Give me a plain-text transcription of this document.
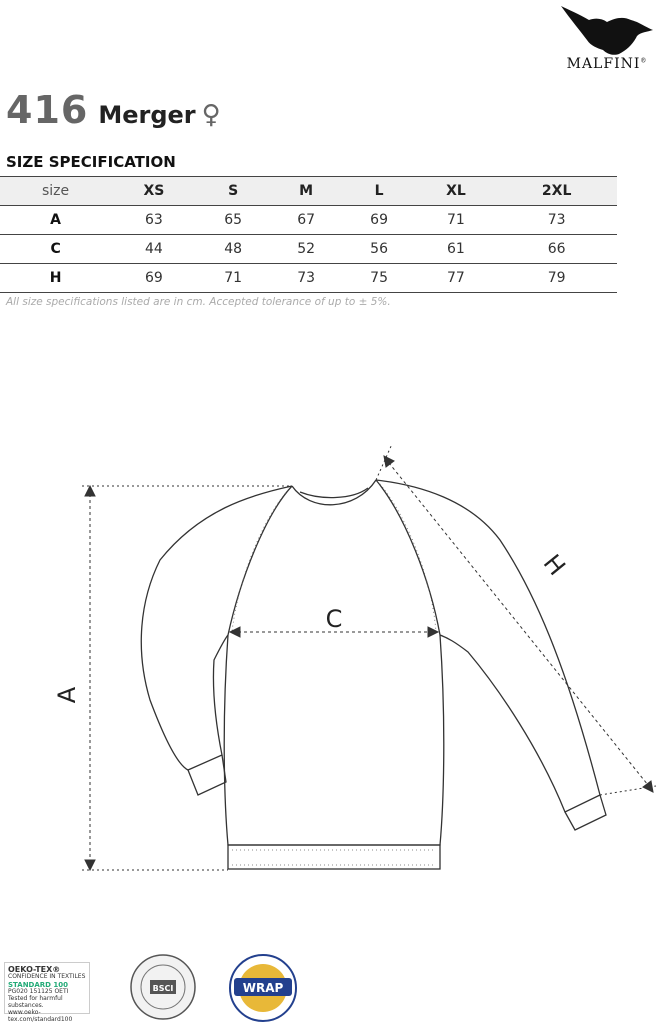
MALFINI®
416 Merger ♀
SIZE SPECIFICATION
size	XS	S	M	L	XL	2XL
A	63	65	67	69	71	73
C	44	48	52	56	61	66
H	69	71	73	75	77	79
All size specifications listed are in cm. Accepted tolerance of up to ± 5%.
A
C
H
OEKO-TEX®
CONFIDENCE IN TEXTILES
STANDARD 100
PG020 151125 OETI
Tested for harmful substances.
www.oeko-tex.com/standard100
BSCI	WRAP
